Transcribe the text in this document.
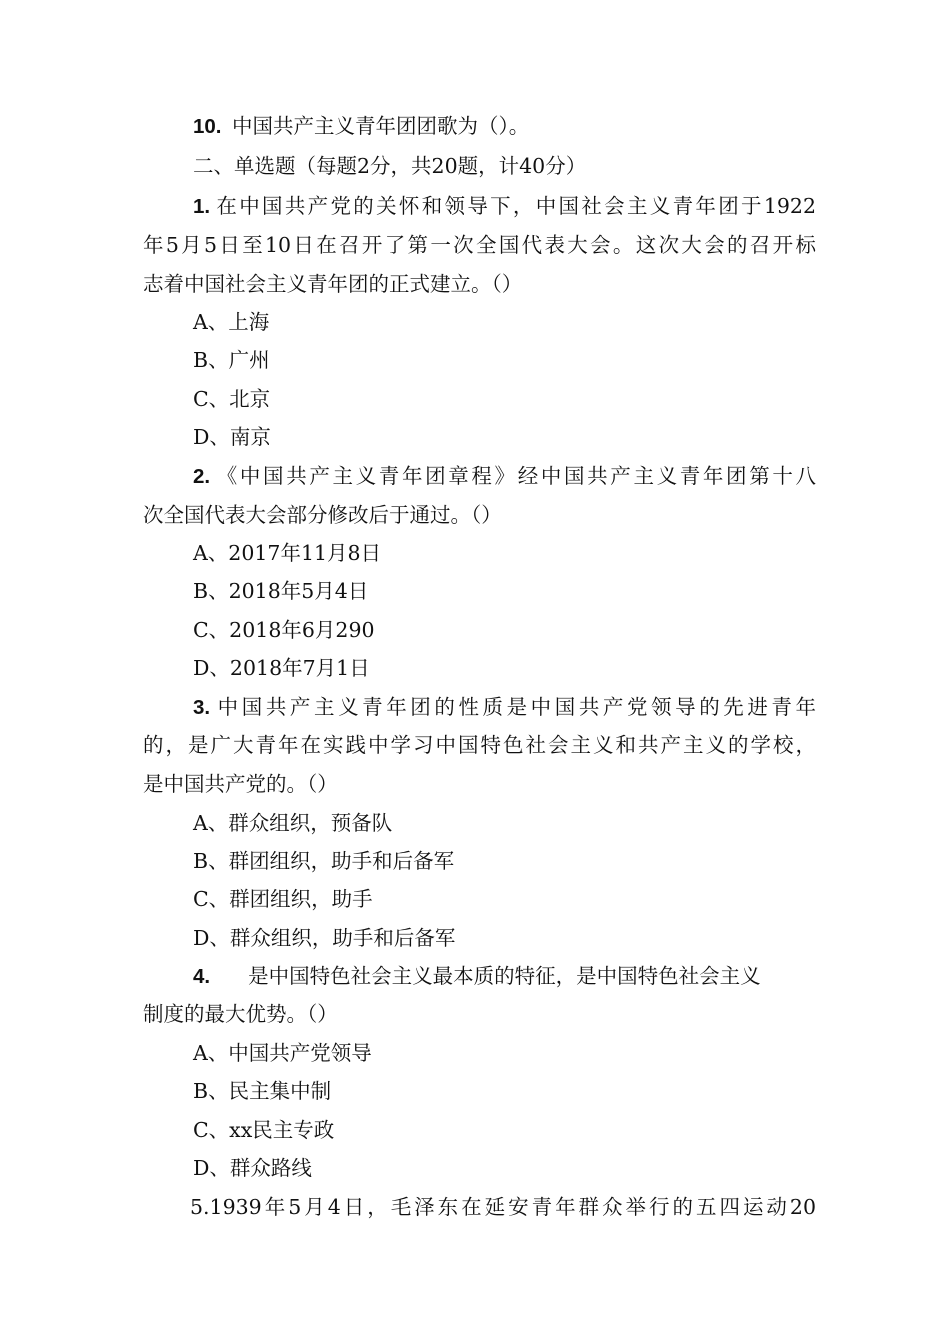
10. 中国共产主义青年团团歌为（）。
二、单选题（每题2分，共20题，计40分）
1. 在中国共产党的关怀和领导下，中国社会主义青年团于1922
年5月5日至10日在召开了第一次全国代表大会。这次大会的召开标
志着中国社会主义青年团的正式建立。（）
A、上海
B、广州
C、北京
D、南京
2. 《中国共产主义青年团章程》经中国共产主义青年团第十八
次全国代表大会部分修改后于通过。（）
A、2017年11月8日
B、2018年5月4日
C、2018年6月290
D、2018年7月1日
3. 中国共产主义青年团的性质是中国共产党领导的先进青年
的，是广大青年在实践中学习中国特色社会主义和共产主义的学校，
是中国共产党的。（）
A、群众组织，预备队
B、群团组织，助手和后备军
C、群团组织，助手
D、群众组织，助手和后备军
4. 是中国特色社会主义最本质的特征，是中国特色社会主义
制度的最大优势。（）
A、中国共产党领导
B、民主集中制
C、xx民主专政
D、群众路线
5.1939年5月4日，毛泽东在延安青年群众举行的五四运动20
